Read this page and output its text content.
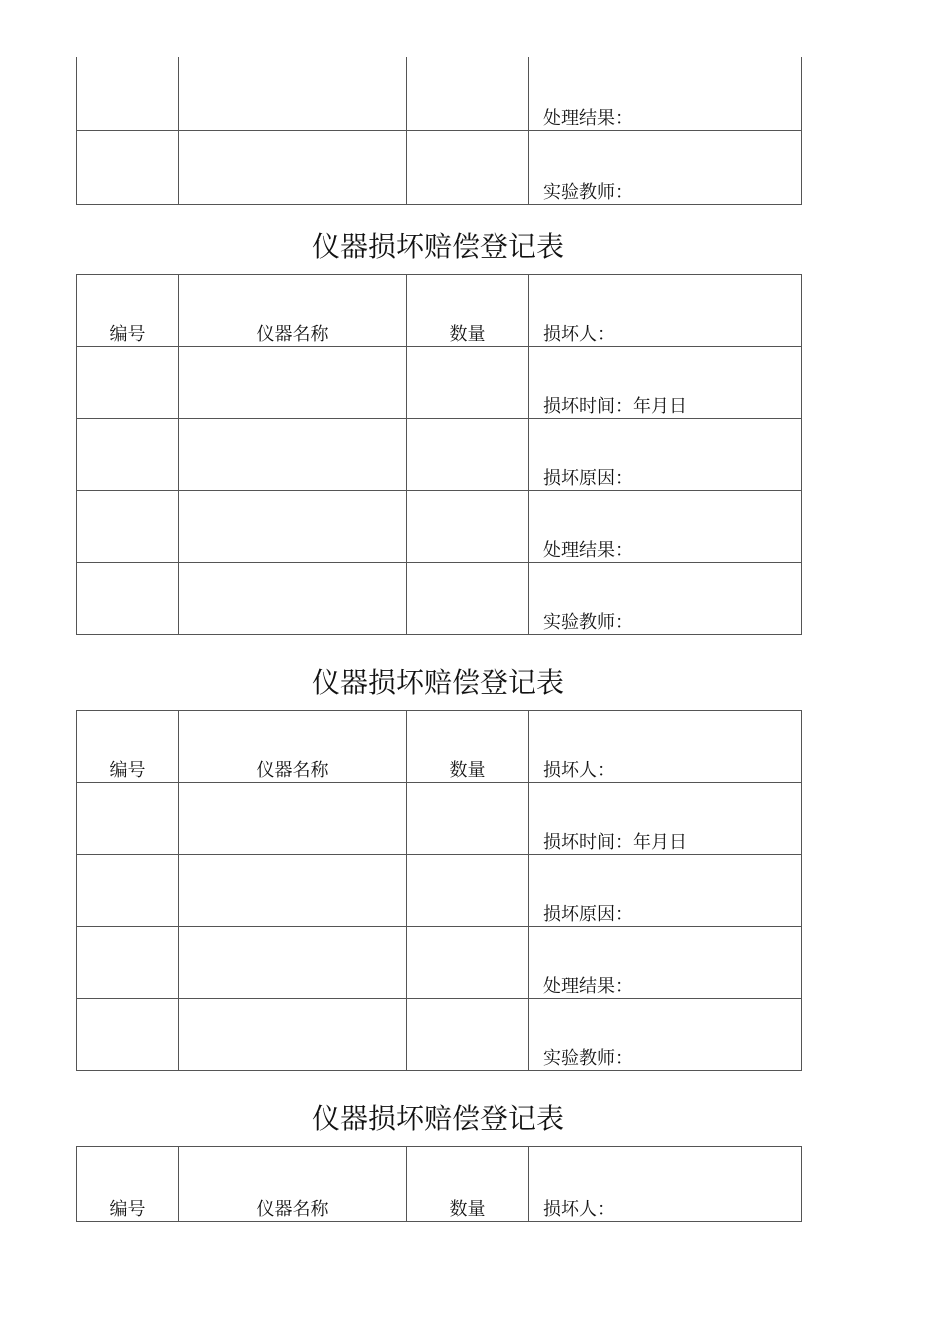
			处理结果：
			实验教师：
仪器损坏赔偿登记表
编号	仪器名称	数量	损坏人：
			损坏时间：年月日
			损坏原因：
			处理结果：
			实验教师：
仪器损坏赔偿登记表
编号	仪器名称	数量	损坏人：
			损坏时间：年月日
			损坏原因：
			处理结果：
			实验教师：
仪器损坏赔偿登记表
编号	仪器名称	数量	损坏人：
